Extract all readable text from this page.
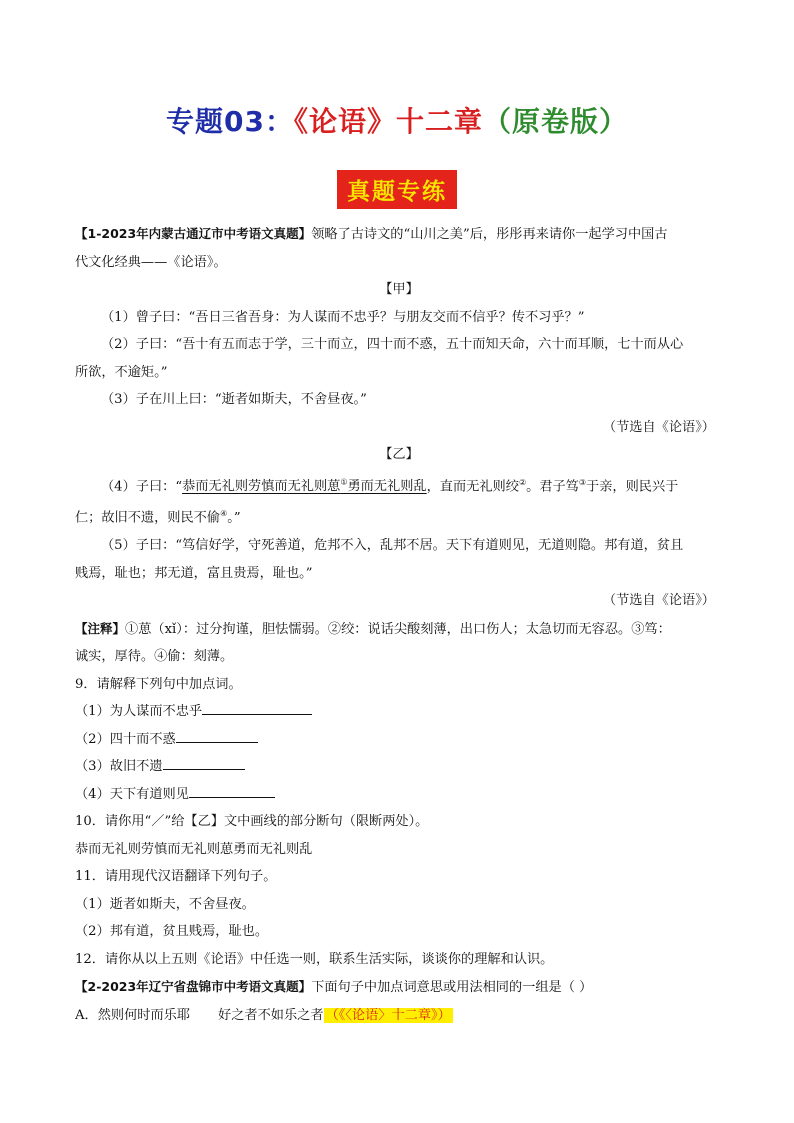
专题03：《论语》十二章（原卷版）
真题专练

【1-2023年内蒙古通辽市中考语文真题】领略了古诗文的“山川之美”后，彤彤再来请你一起学习中国古

代文化经典——《论语》。

【甲】

（1）曾子曰：“吾日三省吾身：为人谋而不忠乎？与朋友交而不信乎？传不习乎？”

（2）子曰：“吾十有五而志于学，三十而立，四十而不惑，五十而知天命，六十而耳顺，七十而从心

所欲，不逾矩。”

（3）子在川上曰：“逝者如斯夫，不舍昼夜。”

（节选自《论语》）

【乙】

（4）子曰：“恭而无礼则劳慎而无礼则葸①勇而无礼则乱，直而无礼则绞②。君子笃③于亲，则民兴于

仁；故旧不遗，则民不偷④。”

（5）子曰：“笃信好学，守死善道，危邦不入，乱邦不居。天下有道则见，无道则隐。邦有道，贫且

贱焉，耻也；邦无道，富且贵焉，耻也。”

（节选自《论语》）

【注释】①葸（xǐ）：过分拘谨，胆怯懦弱。②绞：说话尖酸刻薄，出口伤人；太急切而无容忍。③笃：

诚实，厚待。④偷：刻薄。

9．请解释下列句中加点词。

（1）为人谋而不忠乎

（2）四十而不惑

（3）故旧不遗

（4）天下有道则见

10．请你用“／”给【乙】文中画线的部分断句（限断两处）。

恭而无礼则劳慎而无礼则葸勇而无礼则乱

11．请用现代汉语翻译下列句子。

（1）逝者如斯夫，不舍昼夜。

（2）邦有道，贫且贱焉，耻也。

12．请你从以上五则《论语》中任选一则，联系生活实际，谈谈你的理解和认识。

【2-2023年辽宁省盘锦市中考语文真题】下面句子中加点词意思或用法相同的一组是（ ）

A．然则何时而乐耶 好之者不如乐之者 （《〈论语〉十二章》）
